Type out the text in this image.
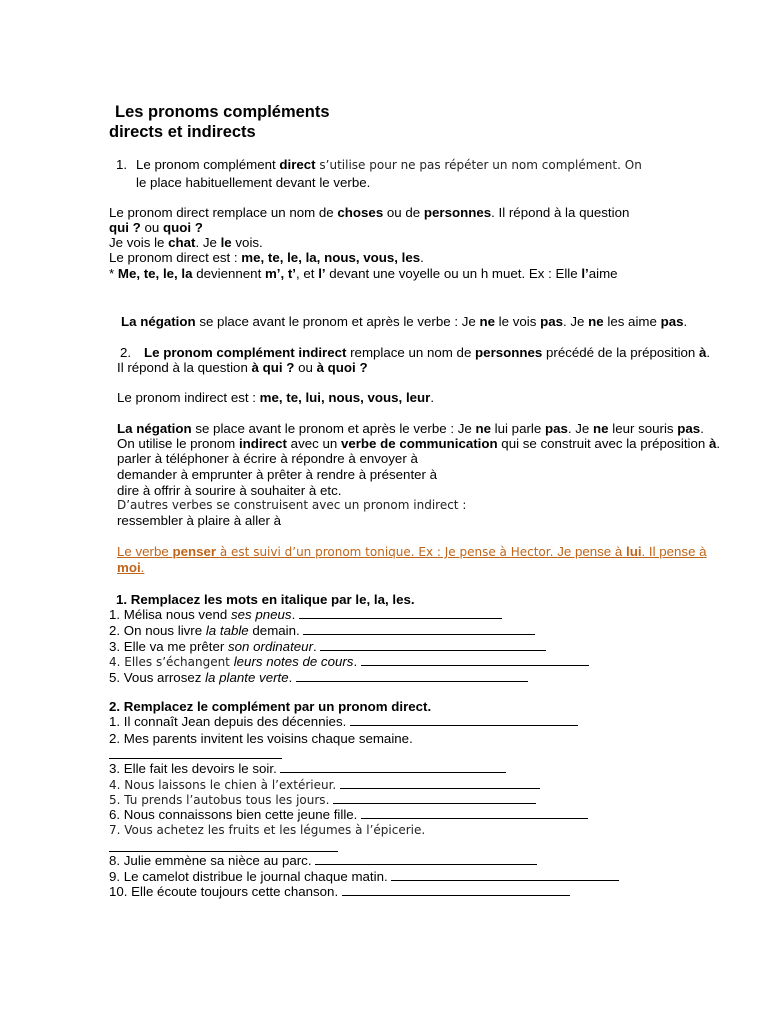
Les pronoms compléments
directs et indirects
1. Le pronom complément direct s’utilise pour ne pas répéter un nom complément. On
le place habituellement devant le verbe.
Le pronom direct remplace un nom de choses ou de personnes. Il répond à la question
qui ? ou quoi ?
Je vois le chat. Je le vois.
Le pronom direct est : me, te, le, la, nous, vous, les.
* Me, te, le, la deviennent m’, t’, et l’ devant une voyelle ou un h muet. Ex : Elle l’aime
La négation se place avant le pronom et après le verbe : Je ne le vois pas. Je ne les aime pas.
2. Le pronom complément indirect remplace un nom de personnes précédé de la préposition à.
Il répond à la question à qui ? ou à quoi ?
Le pronom indirect est : me, te, lui, nous, vous, leur.
La négation se place avant le pronom et après le verbe : Je ne lui parle pas. Je ne leur souris pas.
On utilise le pronom indirect avec un verbe de communication qui se construit avec la préposition à.
parler à téléphoner à écrire à répondre à envoyer à
demander à emprunter à prêter à rendre à présenter à
dire à offrir à sourire à souhaiter à etc.
D’autres verbes se construisent avec un pronom indirect :
ressembler à plaire à aller à
Le verbe penser à est suivi d’un pronom tonique. Ex : Je pense à Hector. Je pense à lui. Il pense à
moi.
1. Remplacez les mots en italique par le, la, les.
1. Mélisa nous vend ses pneus.
2. On nous livre la table demain.
3. Elle va me prêter son ordinateur.
4. Elles s’échangent leurs notes de cours.
5. Vous arrosez la plante verte.
2. Remplacez le complément par un pronom direct.
1. Il connaît Jean depuis des décennies.
2. Mes parents invitent les voisins chaque semaine.
3. Elle fait les devoirs le soir.
4. Nous laissons le chien à l’extérieur.
5. Tu prends l’autobus tous les jours.
6. Nous connaissons bien cette jeune fille.
7. Vous achetez les fruits et les légumes à l’épicerie.
8. Julie emmène sa nièce au parc.
9. Le camelot distribue le journal chaque matin.
10. Elle écoute toujours cette chanson.
